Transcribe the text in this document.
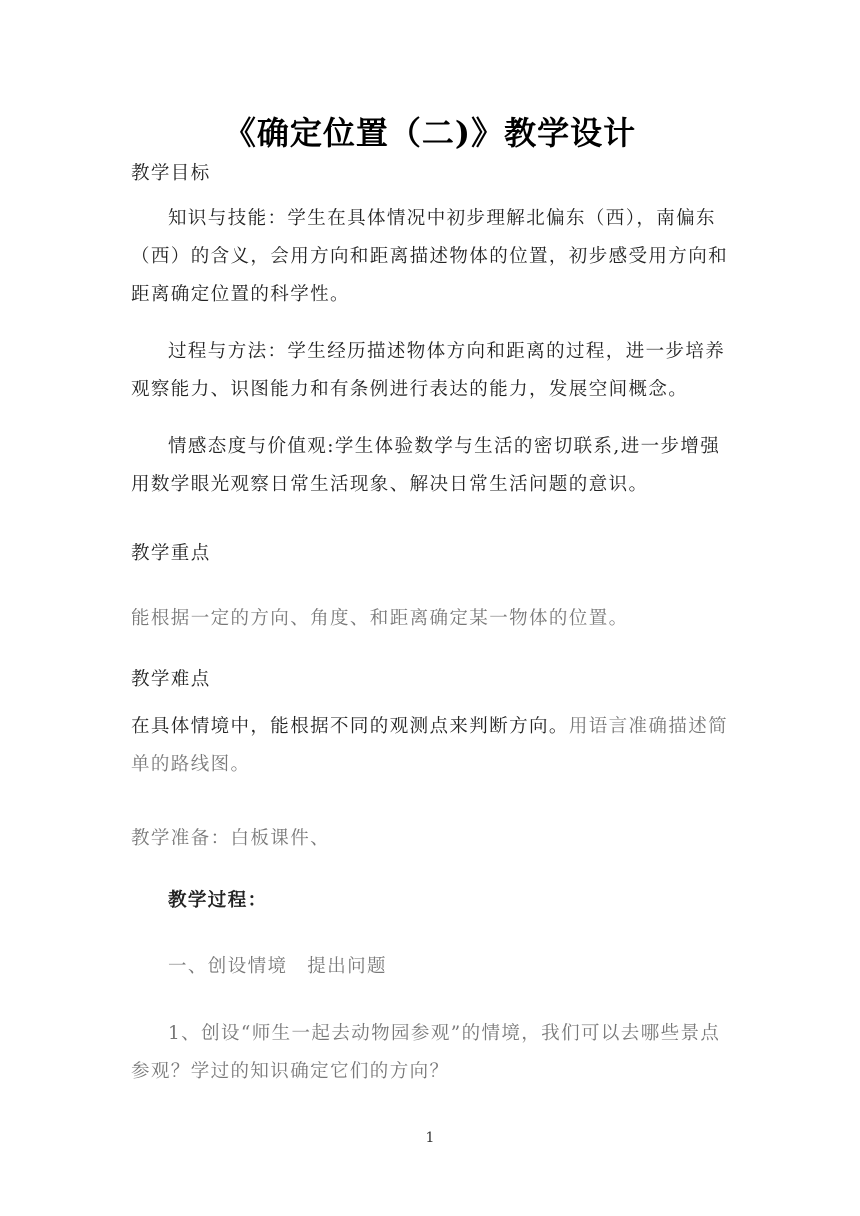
《确定位置（二)》教学设计
教学目标
知识与技能：学生在具体情况中初步理解北偏东（西），南偏东（西）的含义，会用方向和距离描述物体的位置，初步感受用方向和距离确定位置的科学性。
过程与方法：学生经历描述物体方向和距离的过程，进一步培养观察能力、识图能力和有条例进行表达的能力，发展空间概念。
情感态度与价值观:学生体验数学与生活的密切联系,进一步增强用数学眼光观察日常生活现象、解决日常生活问题的意识。
教学重点
能根据一定的方向、角度、和距离确定某一物体的位置。
教学难点
在具体情境中，能根据不同的观测点来判断方向。用语言准确描述简单的路线图。
教学准备：白板课件、
教学过程：
一、创设情境　提出问题
1、创设“师生一起去动物园参观”的情境，我们可以去哪些景点参观？学过的知识确定它们的方向？
1
